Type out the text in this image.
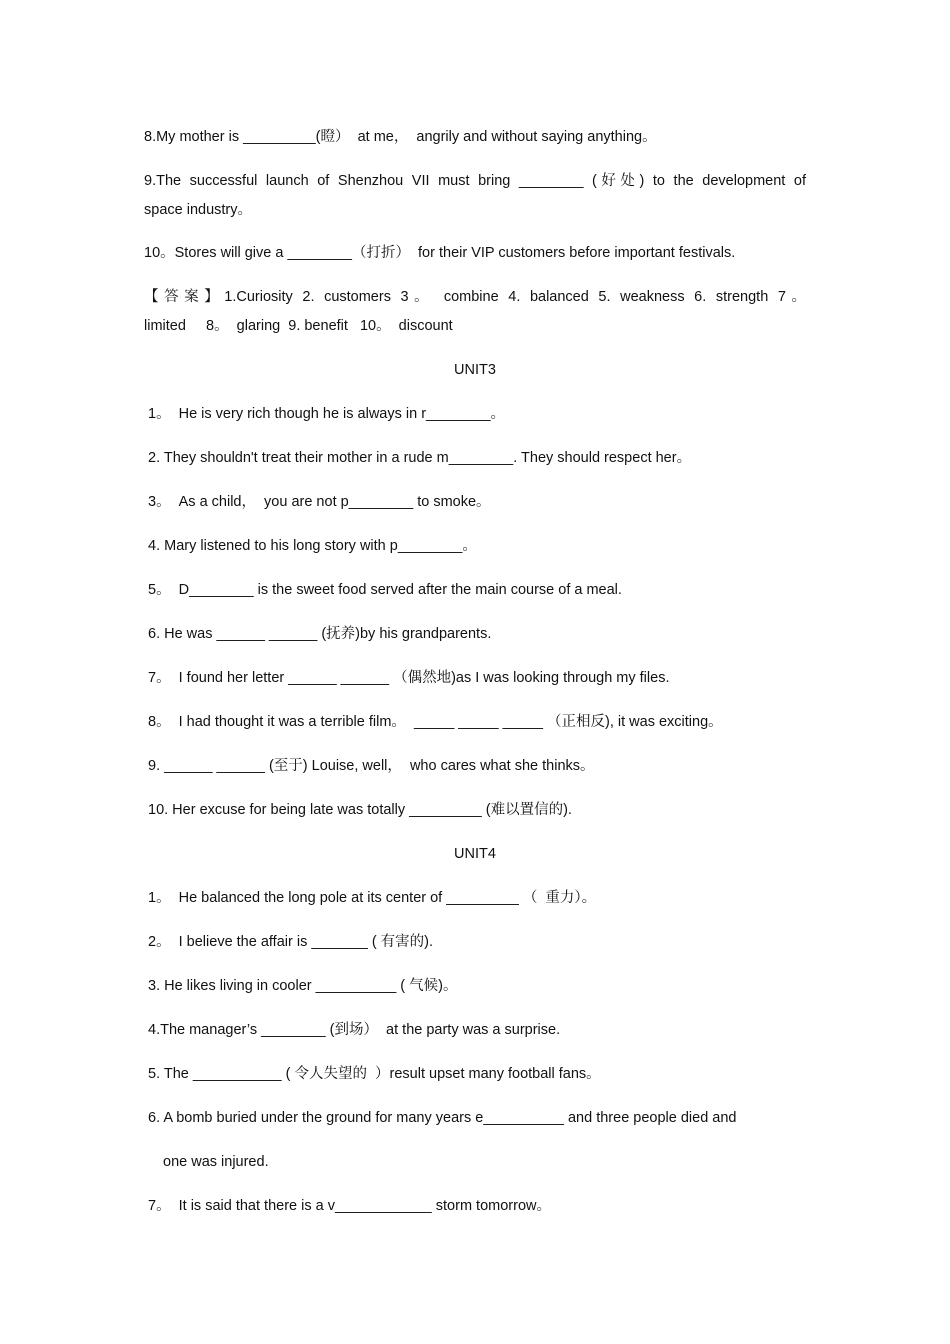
8.My mother is _________(瞪）  at me，  angrily and without saying anything。
9.The successful launch of Shenzhou VII must bring ________ (好处) to the development of
space industry。
10。Stores will give a ________（打折）  for their VIP customers before important festivals.
【答案】1.Curiosity 2. customers 3。 combine 4. balanced 5. weakness 6. strength 7。
limited     8。  glaring  9. benefit   10。  discount
UNIT3
1。  He is very rich though he is always in r________。
2. They shouldn't treat their mother in a rude m________. They should respect her。
3。  As a child，  you are not p________ to smoke。
4. Mary listened to his long story with p________。
5。  D________ is the sweet food served after the main course of a meal.
6. He was ______ ______ (抚养)by his grandparents.
7。  I found her letter ______ ______ （偶然地)as I was looking through my files.
8。  I had thought it was a terrible film。  _____ _____ _____ （正相反), it was exciting。
9. ______ ______ (至于) Louise, well，  who cares what she thinks。
10. Her excuse for being late was totally _________ (难以置信的).
UNIT4
1。  He balanced the long pole at its center of _________ （  重力）。
2。  I believe the affair is _______ ( 有害的).
3. He likes living in cooler __________ ( 气候)。
4.The manager’s ________ (到场）  at the party was a surprise.
5. The ___________ ( 令人失望的  ）result upset many football fans。
6. A bomb buried under the ground for many years e__________ and three people died and
one was injured.
7。  It is said that there is a v____________ storm tomorrow。
